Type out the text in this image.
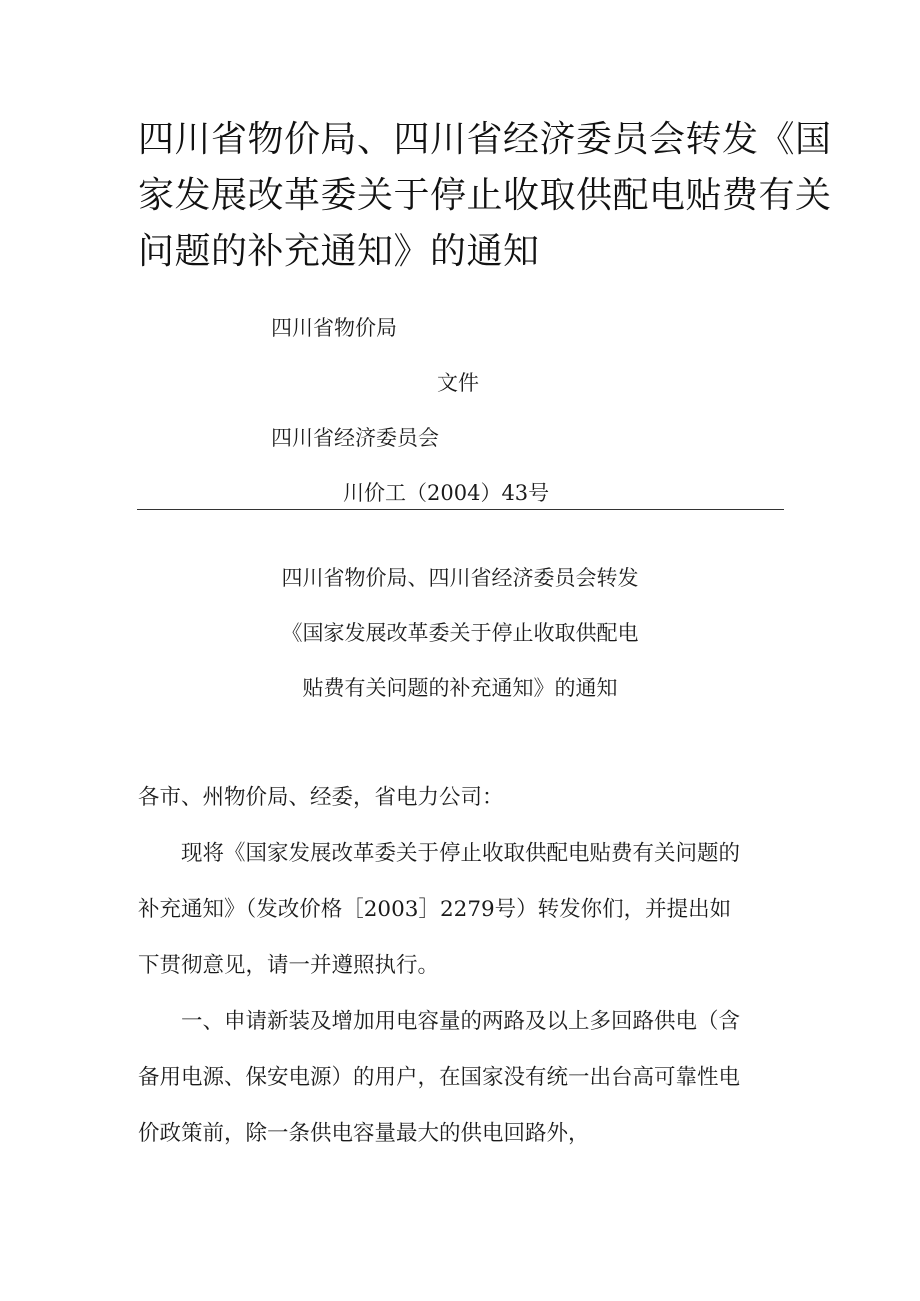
四川省物价局、四川省经济委员会转发《国
家发展改革委关于停止收取供配电贴费有关
问题的补充通知》的通知
四川省物价局
文件
四川省经济委员会
川价工（2004）43号
四川省物价局、四川省经济委员会转发
《国家发展改革委关于停止收取供配电
贴费有关问题的补充通知》的通知
各市、州物价局、经委，省电力公司：
　　现将《国家发展改革委关于停止收取供配电贴费有关问题的
补充通知》（发改价格［2003］2279号）转发你们，并提出如
下贯彻意见，请一并遵照执行。
　　一、申请新装及增加用电容量的两路及以上多回路供电（含
备用电源、保安电源）的用户，在国家没有统一出台高可靠性电
价政策前，除一条供电容量最大的供电回路外，
